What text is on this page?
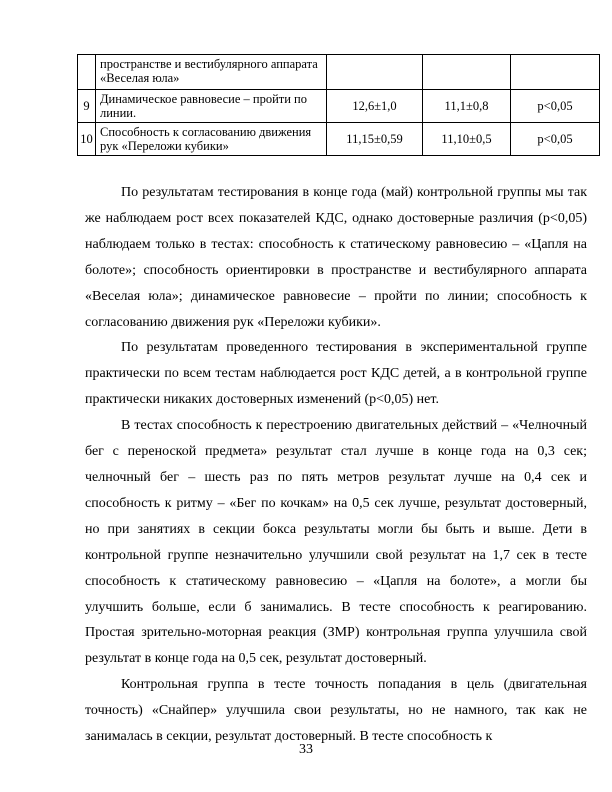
	пространстве и вестибулярного аппарата «Веселая юла»			
9	Динамическое равновесие – пройти по линии.	12,6±1,0	11,1±0,8	p<0,05
10	Способность к согласованию движения рук «Переложи кубики»	11,15±0,59	11,10±0,5	p<0,05

По результатам тестирования в конце года (май) контрольной группы мы так же наблюдаем рост всех показателей КДС, однако достоверные различия (p<0,05) наблюдаем только в тестах: способность к статическому равновесию – «Цапля на болоте»; способность ориентировки в пространстве и вестибулярного аппарата «Веселая юла»; динамическое равновесие – пройти по линии; способность к согласованию движения рук «Переложи кубики».

По результатам проведенного тестирования в экспериментальной группе практически по всем тестам наблюдается рост КДС детей, а в контрольной группе практически никаких достоверных изменений (p<0,05) нет.

В тестах способность к перестроению двигательных действий – «Челночный бег с переноской предмета» результат стал лучше в конце года на 0,3 сек; челночный бег – шесть раз по пять метров результат лучше на 0,4 сек и способность к ритму – «Бег по кочкам» на 0,5 сек лучше, результат достоверный, но при занятиях в секции бокса результаты могли бы быть и выше. Дети в контрольной группе незначительно улучшили свой результат на 1,7 сек в тесте способность к статическому равновесию – «Цапля на болоте», а могли бы улучшить больше, если б занимались. В тесте способность к реагированию. Простая зрительно-моторная реакция (ЗМР) контрольная группа улучшила свой результат в конце года на 0,5 сек, результат достоверный.

Контрольная группа в тесте точность попадания в цель (двигательная точность) «Снайпер» улучшила свои результаты, но не намного, так как не занималась в секции, результат достоверный. В тесте способность к

33
